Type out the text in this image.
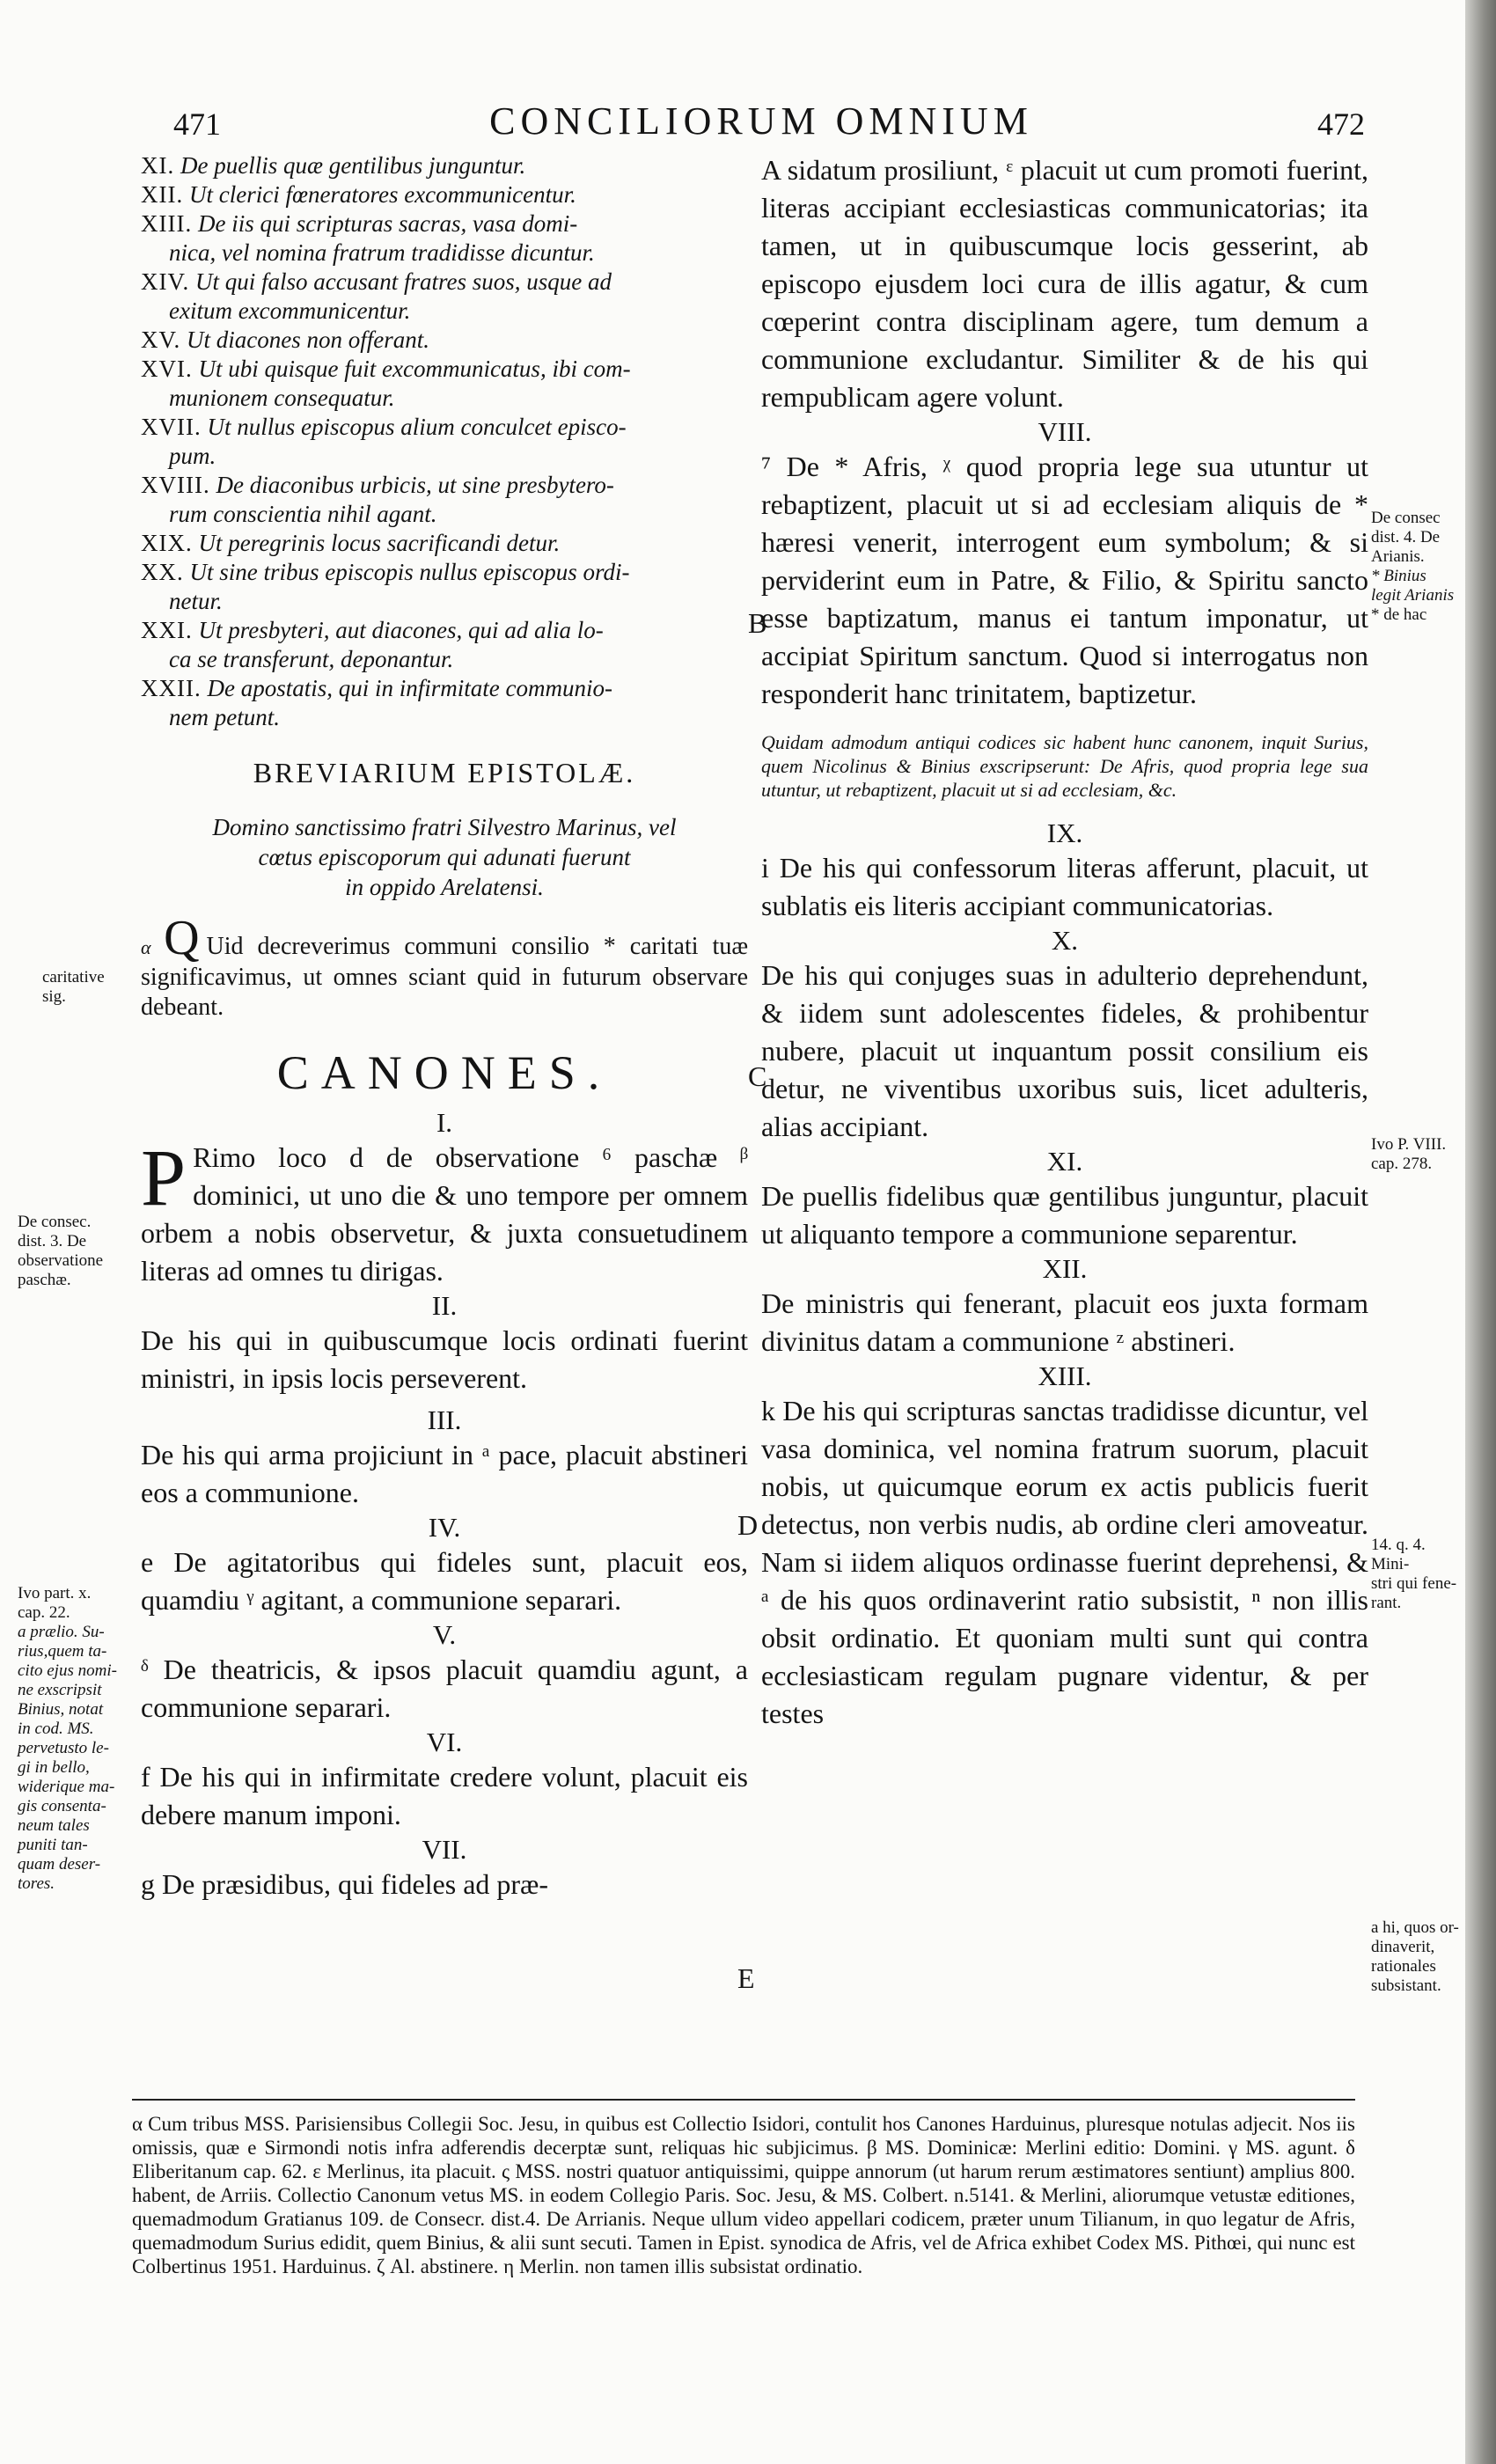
471	CONCILIORUM OMNIUM	472
XI. De puellis quæ gentilibus junguntur.
XII. Ut clerici fœneratores excommunicentur.
XIII. De iis qui scripturas sacras, vasa domi-
nica, vel nomina fratrum tradidisse dicuntur.
XIV. Ut qui falso accusant fratres suos, usque ad
exitum excommunicentur.
XV. Ut diacones non offerant.
XVI. Ut ubi quisque fuit excommunicatus, ibi com-
munionem consequatur.
XVII. Ut nullus episcopus alium conculcet episco-
pum.
XVIII. De diaconibus urbicis, ut sine presbytero-
rum conscientia nihil agant.
XIX. Ut peregrinis locus sacrificandi detur.
XX. Ut sine tribus episcopis nullus episcopus ordi-
netur.
XXI. Ut presbyteri, aut diacones, qui ad alia lo-
ca se transferunt, deponantur.
XXII. De apostatis, qui in infirmitate communio-
nem petunt.
BREVIARIUM EPISTOLÆ.
Domino sanctissimo fratri Silvestro Marinus, vel
cœtus episcoporum qui adunati fuerunt
in oppido Arelatensi.
α Q Uid decreverimus communi consilio * caritati tuæ significavimus, ut omnes sciant quid in futurum observare debeant.
CANONES.
I.
P Rimo loco d de observatione ⁶ paschæ ᵝ dominici, ut uno die & uno tempore per omnem orbem a nobis observetur, & juxta consuetudinem literas ad omnes tu dirigas.
II.
De his qui in quibuscumque locis ordinati fuerint ministri, in ipsis locis perseverent.
III.
De his qui arma projiciunt in ᵃ pace, placuit abstineri eos a communione.
IV.
e De agitatoribus qui fideles sunt, placuit eos, quamdiu ᵞ agitant, a communione separari.
V.
ᵟ De theatricis, & ipsos placuit quamdiu agunt, a communione separari.
VI.
f De his qui in infirmitate credere volunt, placuit eis debere manum imponi.
VII.
g De præsidibus, qui fideles ad præ-
A sidatum prosiliunt, ᵋ placuit ut cum promoti fuerint, literas accipiant ecclesiasticas communicatorias; ita tamen, ut in quibuscumque locis gesserint, ab episcopo ejusdem loci cura de illis agatur, & cum cœperint contra disciplinam agere, tum demum a communione excludantur. Similiter & de his qui rempublicam agere volunt.
VIII.
⁷ De * Afris, ᵡ quod propria lege sua utuntur ut rebaptizent, placuit ut si ad ecclesiam aliquis de * hæresi venerit, interrogent eum symbolum; & si perviderint eum in Patre, & Filio, & Spiritu sancto esse baptizatum, manus ei tantum imponatur, ut accipiat Spiritum sanctum. Quod si interrogatus non responderit hanc trinitatem, baptizetur.
Quidam admodum antiqui codices sic habent hunc canonem, inquit Surius, quem Nicolinus & Binius exscripserunt: De Afris, quod propria lege sua utuntur, ut rebaptizent, placuit ut si ad ecclesiam, &c.
IX.
i De his qui confessorum literas afferunt, placuit, ut sublatis eis literis accipiant communicatorias.
X.
De his qui conjuges suas in adulterio deprehendunt, & iidem sunt adolescentes fideles, & prohibentur nubere, placuit ut inquantum possit consilium eis detur, ne viventibus uxoribus suis, licet adulteris, alias accipiant.
XI.
De puellis fidelibus quæ gentilibus junguntur, placuit ut aliquanto tempore a communione separentur.
XII.
De ministris qui fenerant, placuit eos juxta formam divinitus datam a communione ᶻ abstineri.
XIII.
k De his qui scripturas sanctas tradidisse dicuntur, vel vasa dominica, vel nomina fratrum suorum, placuit nobis, ut quicumque eorum ex actis publicis fuerit detectus, non verbis nudis, ab ordine cleri amoveatur. Nam si iidem aliquos ordinasse fuerint deprehensi, & ᵃ de his quos ordinaverint ratio subsistit, ⁿ non illis obsit ordinatio. Et quoniam multi sunt qui contra ecclesiasticam regulam pugnare videntur, & per testes
B
C
D
E
caritative
sig.
De consec.
dist. 3. De
observatione
paschæ.
Ivo part. x.
cap. 22.
a prælio. Su-
rius,quem ta-
cito ejus nomi-
ne exscripsit
Binius, notat
in cod. MS.
pervetusto le-
gi in bello,
widerique ma-
gis consenta-
neum tales
puniti tan-
quam deser-
tores.
De consec
dist. 4. De
Arianis.
* Binius
legit Arianis
* de hac
Ivo P. VIII.
cap. 278.
14. q. 4. Mini-
stri qui fene-
rant.
a hi, quos or-
dinaverit,
rationales
subsistant.
α Cum tribus MSS. Parisiensibus Collegii Soc. Jesu, in quibus est Collectio Isidori, contulit hos Canones Harduinus, pluresque notulas adjecit. Nos iis omissis, quæ e Sirmondi notis infra adferendis decerptæ sunt, reliquas hic subjicimus. β MS. Dominicæ: Merlini editio: Domini. γ MS. agunt. δ Eliberitanum cap. 62. ε Merlinus, ita placuit. ς MSS. nostri quatuor antiquissimi, quippe annorum (ut harum rerum æstimatores sentiunt) amplius 800. habent, de Arriis. Collectio Canonum vetus MS. in eodem Collegio Paris. Soc. Jesu, & MS. Colbert. n.5141. & Merlini, aliorumque vetustæ editiones, quemadmodum Gratianus 109. de Consecr. dist.4. De Arrianis. Neque ullum video appellari codicem, præter unum Tilianum, in quo legatur de Afris, quemadmodum Surius edidit, quem Binius, & alii sunt secuti. Tamen in Epist. synodica de Afris, vel de Africa exhibet Codex MS. Pithœi, qui nunc est Colbertinus 1951. Harduinus. ζ Al. abstinere. η Merlin. non tamen illis subsistat ordinatio.
